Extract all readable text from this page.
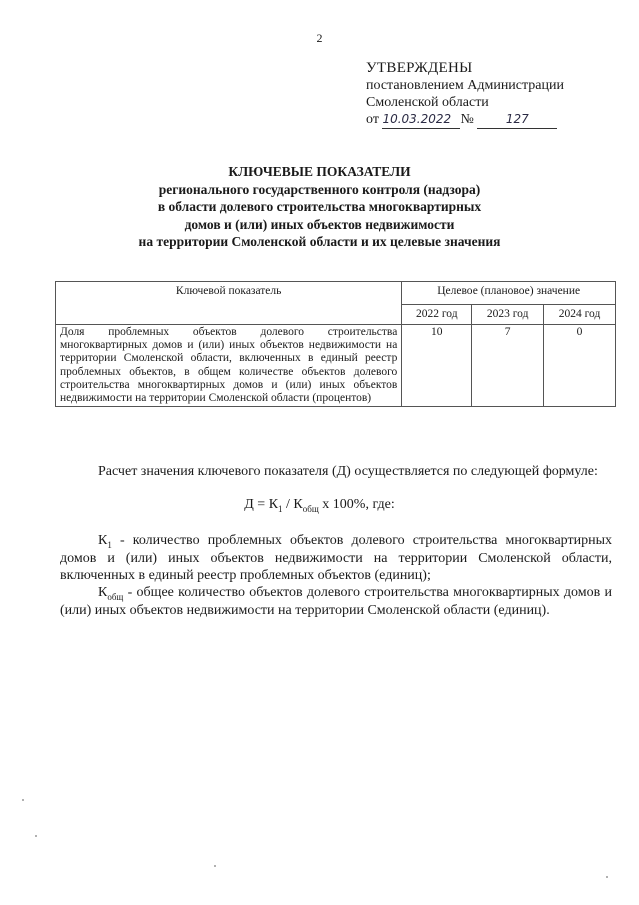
2
УТВЕРЖДЕНЫ
постановлением Администрации
Смоленской области
от 10.03.2022 №	127
КЛЮЧЕВЫЕ ПОКАЗАТЕЛИ
регионального государственного контроля (надзора)
в области долевого строительства многоквартирных
домов и (или) иных объектов недвижимости
на территории Смоленской области и их целевые значения
Ключевой показатель	Целевое (плановое) значение		
	2022 год	2023 год	2024 год
Доля проблемных объектов долевого строительства многоквартирных домов и (или) иных объектов недвижимости на территории Смоленской области, включенных в единый реестр проблемных объектов, в общем количестве объектов долевого строительства многоквартирных домов и (или) иных объектов недвижимости на территории Смоленской области (процентов)	10	7	0
Расчет значения ключевого показателя (Д) осуществляется по следующей формуле:
$Д = К_1 / К_{общ}$ х 100%, где:
$К_1$ - количество проблемных объектов долевого строительства многоквартирных домов и (или) иных объектов недвижимости на территории Смоленской области, включенных в единый реестр проблемных объектов (единиц);
$К_{общ}$ - общее количество объектов долевого строительства многоквартирных домов и (или) иных объектов недвижимости на территории Смоленской области (единиц).
